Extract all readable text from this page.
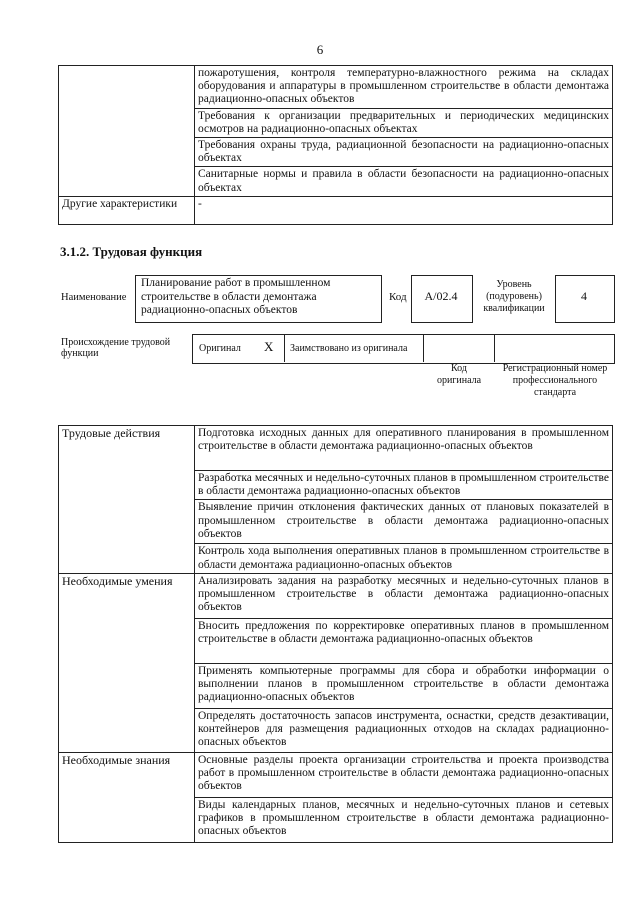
6
	пожаротушения, контроля температурно-влажностного режима на складах оборудования и аппаратуры в промышленном строительстве в области демонтажа радиационно-опасных объектов
	Требования к организации предварительных и периодических медицинских осмотров на радиационно-опасных объектах
	Требования охраны труда, радиационной безопасности на радиационно-опасных объектах
	Санитарные нормы и правила в области безопасности на радиационно-опасных объектах
Другие характеристики	-
3.1.2. Трудовая функция
Наименование
Планирование работ в промышленном строительстве в области демонтажа радиационно-опасных объектов
Код	А/02.4
Уровень (подуровень) квалификации
4
Происхождение трудовой функции	Оригинал X Заимствовано из оригинала
Код оригинала
Регистрационный номер профессионального стандарта
Трудовые действия	Подготовка исходных данных для оперативного планирования в промышленном строительстве в области демонтажа радиационно-опасных объектов
	Разработка месячных и недельно-суточных планов в промышленном строительстве в области демонтажа радиационно-опасных объектов
	Выявление причин отклонения фактических данных от плановых показателей в промышленном строительстве в области демонтажа радиационно-опасных объектов
	Контроль хода выполнения оперативных планов в промышленном строительстве в области демонтажа радиационно-опасных объектов
Необходимые умения	Анализировать задания на разработку месячных и недельно-суточных планов в промышленном строительстве в области демонтажа радиационно-опасных объектов
	Вносить предложения по корректировке оперативных планов в промышленном строительстве в области демонтажа радиационно-опасных объектов
	Применять компьютерные программы для сбора и обработки информации о выполнении планов в промышленном строительстве в области демонтажа радиационно-опасных объектов
	Определять достаточность запасов инструмента, оснастки, средств дезактивации, контейнеров для размещения радиационных отходов на складах радиационно-опасных объектов
Необходимые знания	Основные разделы проекта организации строительства и проекта производства работ в промышленном строительстве в области демонтажа радиационно-опасных объектов
	Виды календарных планов, месячных и недельно-суточных планов и сетевых графиков в промышленном строительстве в области демонтажа радиационно-опасных объектов
